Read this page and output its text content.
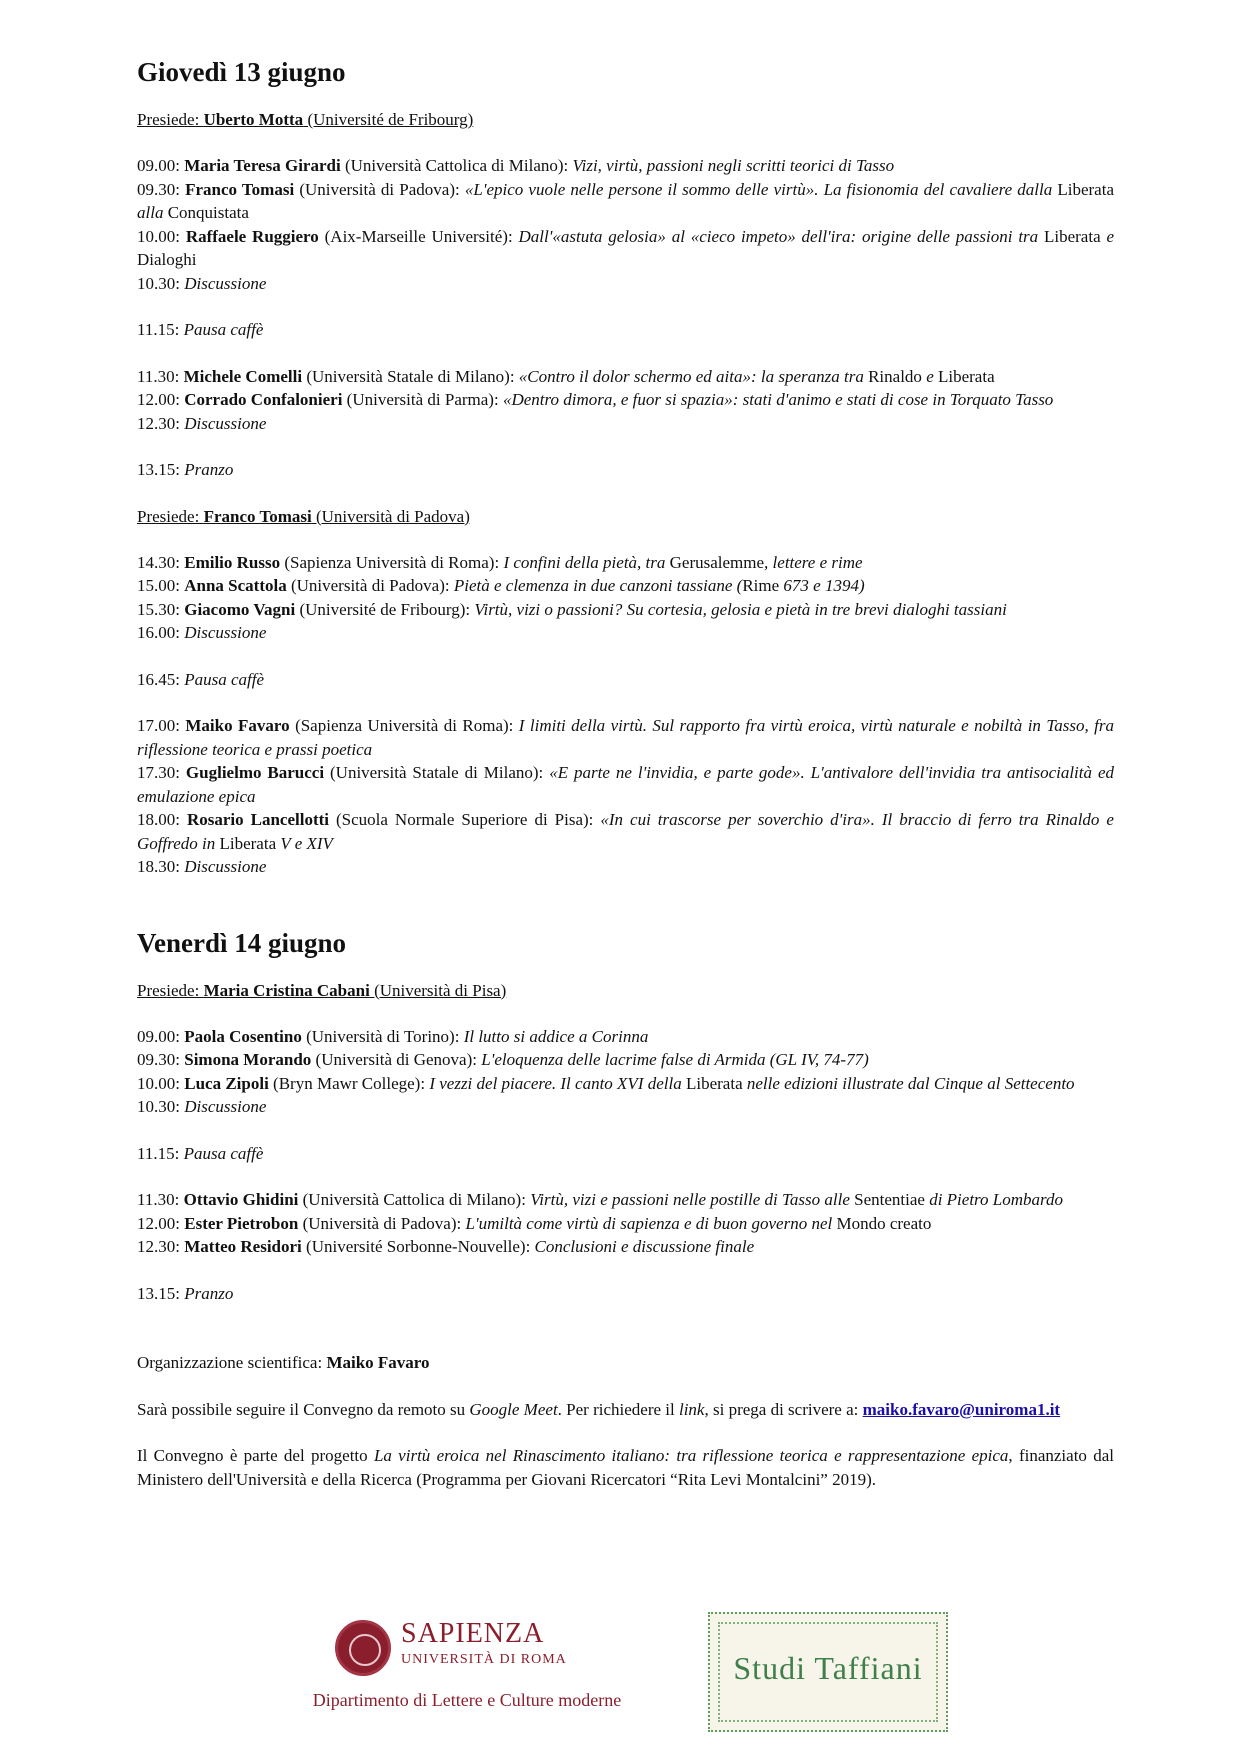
Giovedì 13 giugno

Presiede: Uberto Motta (Université de Fribourg)

09.00: Maria Teresa Girardi (Università Cattolica di Milano): Vizi, virtù, passioni negli scritti teorici di Tasso

09.30: Franco Tomasi (Università di Padova): «L'epico vuole nelle persone il sommo delle virtù». La fisionomia del cavaliere dalla Liberata alla Conquistata

10.00: Raffaele Ruggiero (Aix-Marseille Université): Dall'«astuta gelosia» al «cieco impeto» dell'ira: origine delle passioni tra Liberata e Dialoghi

10.30: Discussione

11.15: Pausa caffè

11.30: Michele Comelli (Università Statale di Milano): «Contro il dolor schermo ed aita»: la speranza tra Rinaldo e Liberata

12.00: Corrado Confalonieri (Università di Parma): «Dentro dimora, e fuor si spazia»: stati d'animo e stati di cose in Torquato Tasso

12.30: Discussione

13.15: Pranzo

Presiede: Franco Tomasi (Università di Padova)

14.30: Emilio Russo (Sapienza Università di Roma): I confini della pietà, tra Gerusalemme, lettere e rime

15.00: Anna Scattola (Università di Padova): Pietà e clemenza in due canzoni tassiane (Rime 673 e 1394)

15.30: Giacomo Vagni (Université de Fribourg): Virtù, vizi o passioni? Su cortesia, gelosia e pietà in tre brevi dialoghi tassiani

16.00: Discussione

16.45: Pausa caffè

17.00: Maiko Favaro (Sapienza Università di Roma): I limiti della virtù. Sul rapporto fra virtù eroica, virtù naturale e nobiltà in Tasso, fra riflessione teorica e prassi poetica

17.30: Guglielmo Barucci (Università Statale di Milano): «E parte ne l'invidia, e parte gode». L'antivalore dell'invidia tra antisocialità ed emulazione epica

18.00: Rosario Lancellotti (Scuola Normale Superiore di Pisa): «In cui trascorse per soverchio d'ira». Il braccio di ferro tra Rinaldo e Goffredo in Liberata V e XIV

18.30: Discussione

Venerdì 14 giugno

Presiede: Maria Cristina Cabani (Università di Pisa)

09.00: Paola Cosentino (Università di Torino): Il lutto si addice a Corinna

09.30: Simona Morando (Università di Genova): L'eloquenza delle lacrime false di Armida (GL IV, 74-77)

10.00: Luca Zipoli (Bryn Mawr College): I vezzi del piacere. Il canto XVI della Liberata nelle edizioni illustrate dal Cinque al Settecento

10.30: Discussione

11.15: Pausa caffè

11.30: Ottavio Ghidini (Università Cattolica di Milano): Virtù, vizi e passioni nelle postille di Tasso alle Sententiae di Pietro Lombardo

12.00: Ester Pietrobon (Università di Padova): L'umiltà come virtù di sapienza e di buon governo nel Mondo creato

12.30: Matteo Residori (Université Sorbonne-Nouvelle): Conclusioni e discussione finale

13.15: Pranzo

Organizzazione scientifica: Maiko Favaro

Sarà possibile seguire il Convegno da remoto su Google Meet. Per richiedere il link, si prega di scrivere a: maiko.favaro@uniroma1.it

Il Convegno è parte del progetto La virtù eroica nel Rinascimento italiano: tra riflessione teorica e rappresentazione epica, finanziato dal Ministero dell'Università e della Ricerca (Programma per Giovani Ricercatori “Rita Levi Montalcini” 2019).

SAPIENZA
UNIVERSITÀ DI ROMA
Dipartimento di Lettere e Culture moderne
Studi Taffiani
